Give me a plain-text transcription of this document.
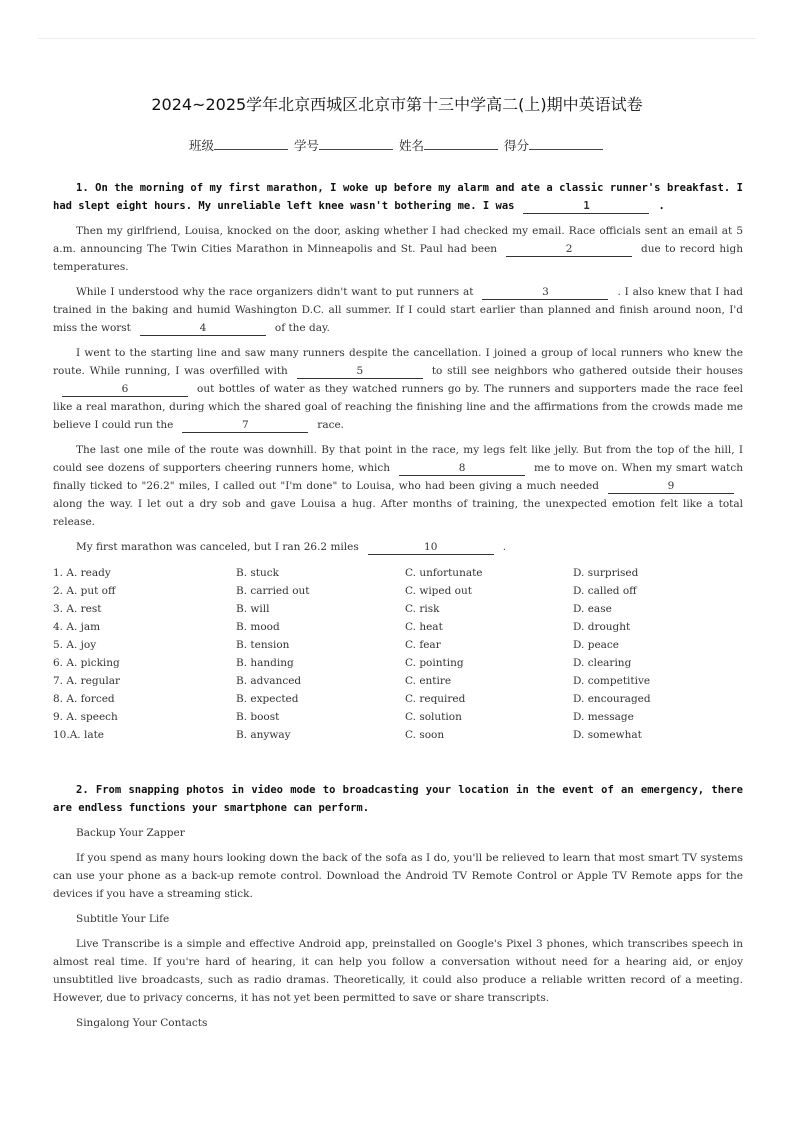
2024~2025学年北京西城区北京市第十三中学高二(上)期中英语试卷
班级	学号	姓名	得分
1. On the morning of my first marathon, I woke up before my alarm and ate a classic runner's breakfast. I had slept eight hours. My unreliable left knee wasn't bothering me. I was	1	.
Then my girlfriend, Louisa, knocked on the door, asking whether I had checked my email. Race officials sent an email at 5 a.m. announcing The Twin Cities Marathon in Minneapolis and St. Paul had been	2	due to record high temperatures.
While I understood why the race organizers didn't want to put runners at	3	. I also knew that I had trained in the baking and humid Washington D.C. all summer. If I could start earlier than planned and finish around noon, I'd miss the worst	4	of the day.
I went to the starting line and saw many runners despite the cancellation. I joined a group of local runners who knew the route. While running, I was overfilled with	5	to still see neighbors who gathered outside their houses6	out bottles of water as they watched runners go by. The runners and supporters made the race feel like a real marathon, during which the shared goal of reaching the finishing line and the affirmations from the crowds made me believe I could run the	7	race.
The last one mile of the route was downhill. By that point in the race, my legs felt like jelly. But from the top of the hill, I could see dozens of supporters cheering runners home, which	8	me to move on. When my smart watch finally ticked to "26.2" miles, I called out "I'm done" to Louisa, who had been giving a much needed	9along the way. I let out a dry sob and gave Louisa a hug. After months of training, the unexpected emotion felt like a total release.
My first marathon was canceled, but I ran 26.2 miles	10	.
1. A. ready	B. stuck	C. unfortunate	D. surprised
2. A. put off	B. carried out	C. wiped out	D. called off
3. A. rest	B. will	C. risk	D. ease
4. A. jam	B. mood	C. heat	D. drought
5. A. joy	B. tension	C. fear	D. peace
6. A. picking	B. handing	C. pointing	D. clearing
7. A. regular	B. advanced	C. entire	D. competitive
8. A. forced	B. expected	C. required	D. encouraged
9. A. speech	B. boost	C. solution	D. message
10.A. late	B. anyway	C. soon	D. somewhat
2. From snapping photos in video mode to broadcasting your location in the event of an emergency, there are endless functions your smartphone can perform.
Backup Your Zapper
If you spend as many hours looking down the back of the sofa as I do, you'll be relieved to learn that most smart TV systems can use your phone as a back-up remote control. Download the Android TV Remote Control or Apple TV Remote apps for the devices if you have a streaming stick.
Subtitle Your Life
Live Transcribe is a simple and effective Android app, preinstalled on Google's Pixel 3 phones, which transcribes speech in almost real time. If you're hard of hearing, it can help you follow a conversation without need for a hearing aid, or enjoy unsubtitled live broadcasts, such as radio dramas. Theoretically, it could also produce a reliable written record of a meeting. However, due to privacy concerns, it has not yet been permitted to save or share transcripts.
Singalong Your Contacts
